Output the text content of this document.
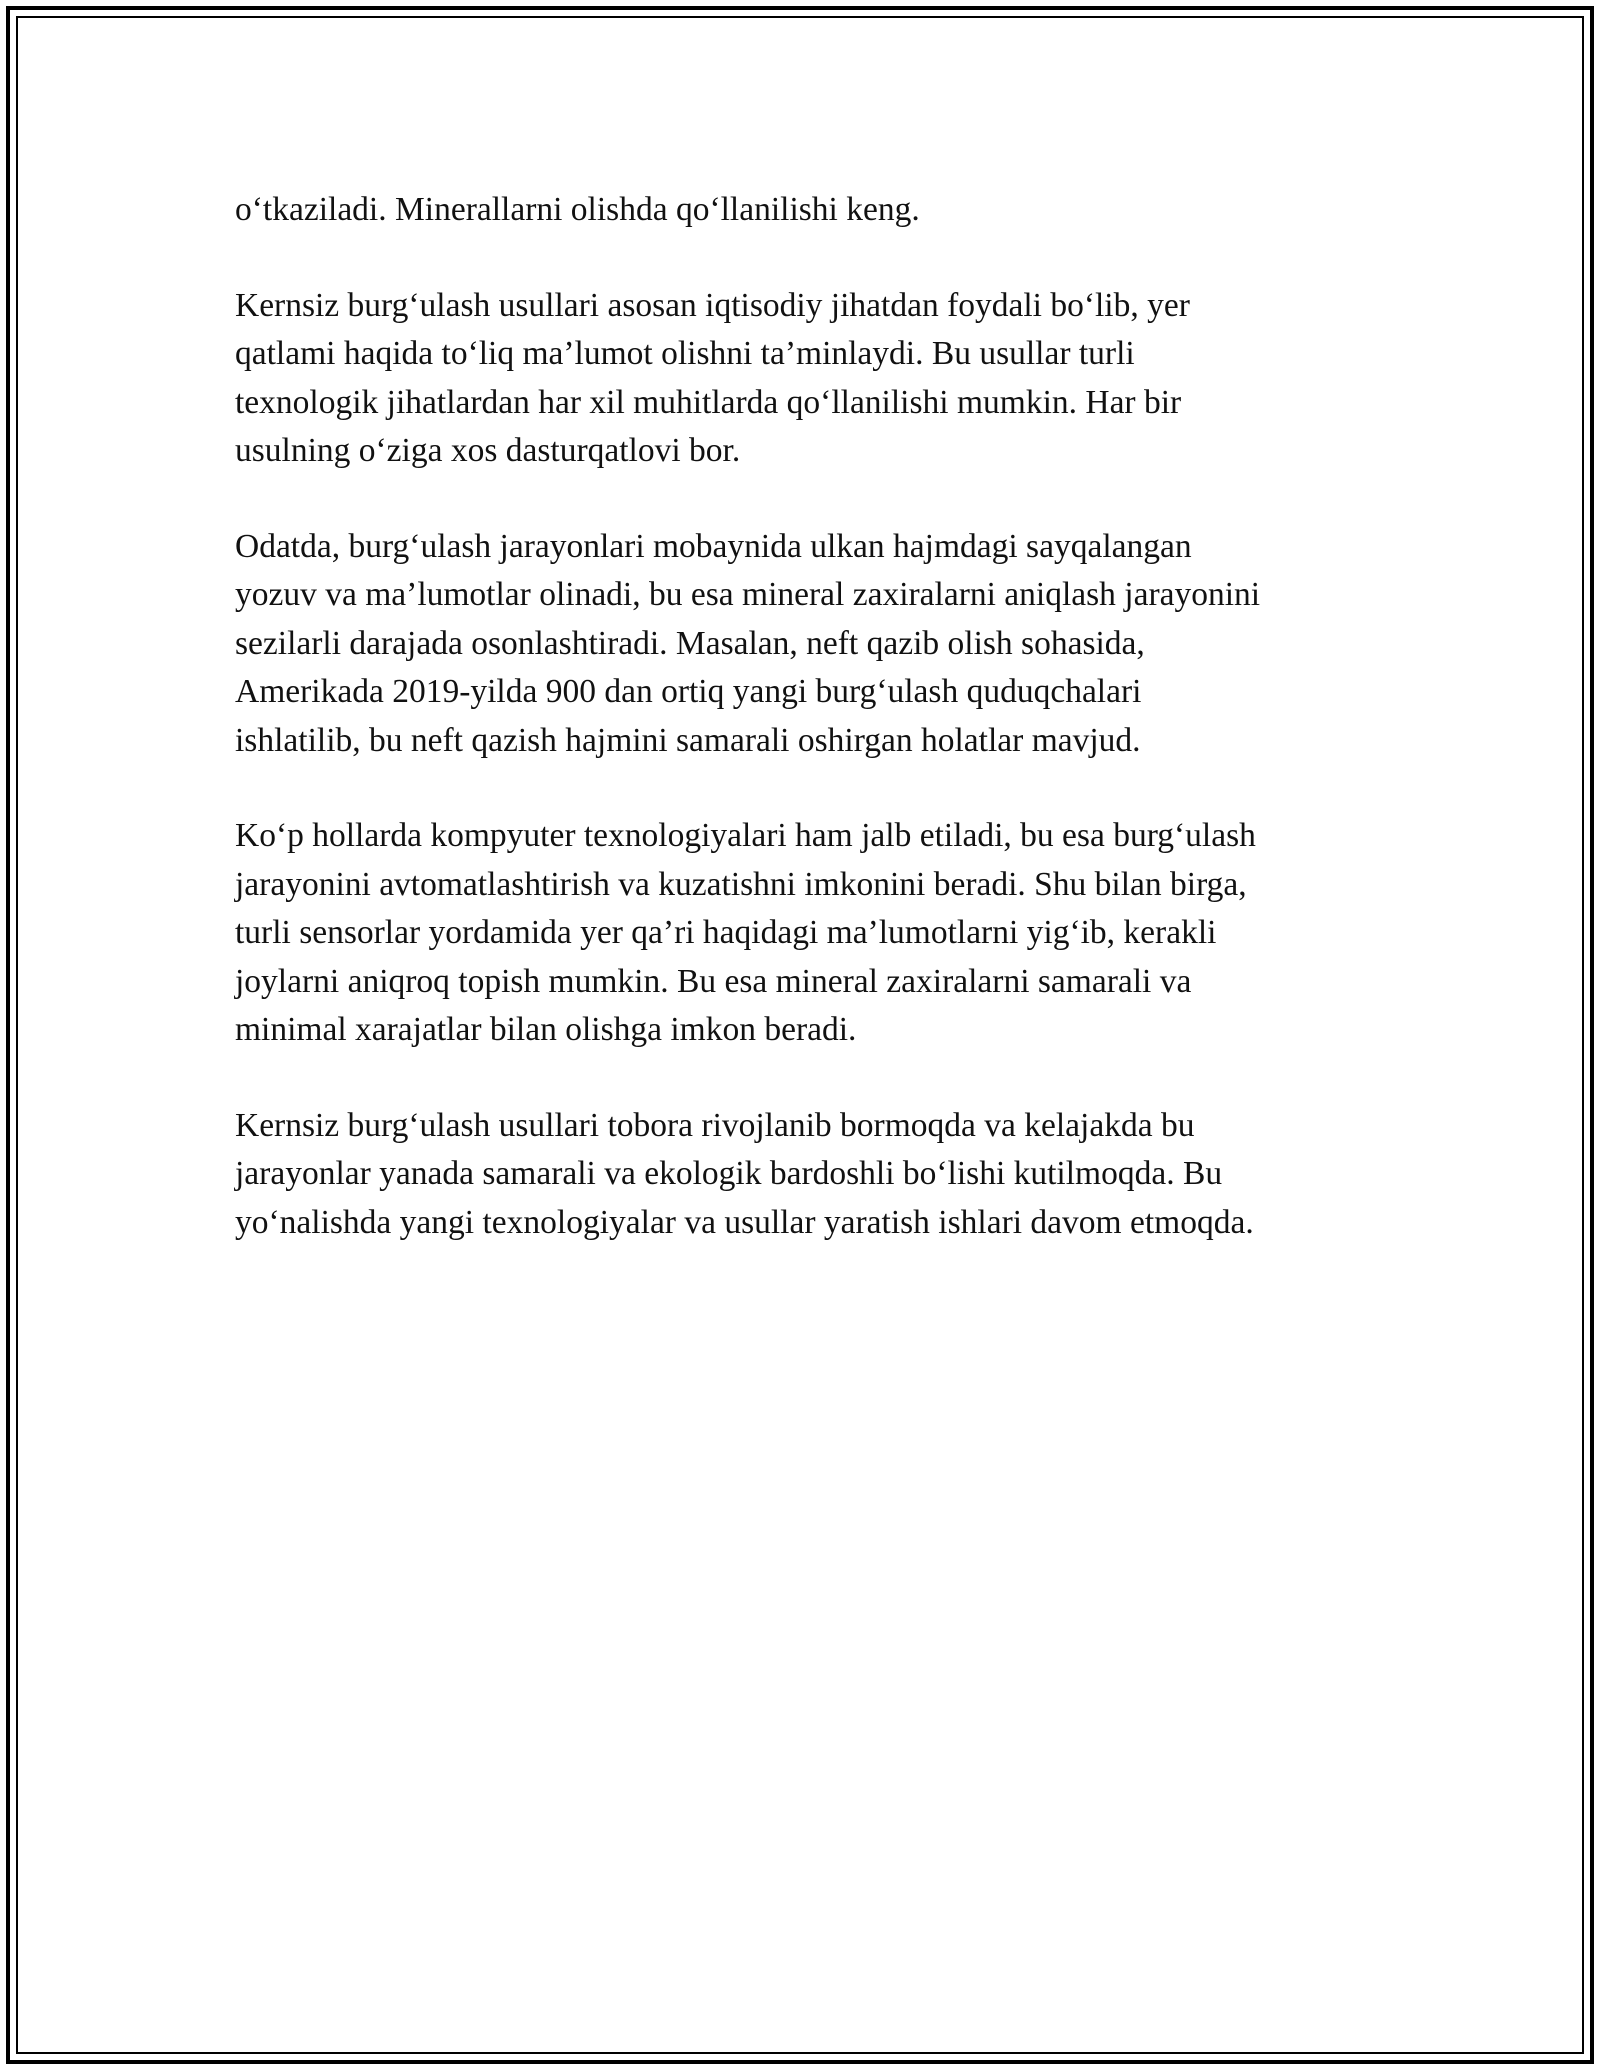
o‘tkaziladi. Minerallarni olishda qo‘llanilishi keng.

Kernsiz burg‘ulash usullari asosan iqtisodiy jihatdan foydali bo‘lib, yer
qatlami haqida to‘liq ma’lumot olishni ta’minlaydi. Bu usullar turli
texnologik jihatlardan har xil muhitlarda qo‘llanilishi mumkin. Har bir
usulning o‘ziga xos dasturqatlovi bor.

Odatda, burg‘ulash jarayonlari mobaynida ulkan hajmdagi sayqalangan
yozuv va ma’lumotlar olinadi, bu esa mineral zaxiralarni aniqlash jarayonini
sezilarli darajada osonlashtiradi. Masalan, neft qazib olish sohasida,
Amerikada 2019-yilda 900 dan ortiq yangi burg‘ulash quduqchalari
ishlatilib, bu neft qazish hajmini samarali oshirgan holatlar mavjud.

Ko‘p hollarda kompyuter texnologiyalari ham jalb etiladi, bu esa burg‘ulash
jarayonini avtomatlashtirish va kuzatishni imkonini beradi. Shu bilan birga,
turli sensorlar yordamida yer qa’ri haqidagi ma’lumotlarni yig‘ib, kerakli
joylarni aniqroq topish mumkin. Bu esa mineral zaxiralarni samarali va
minimal xarajatlar bilan olishga imkon beradi.

Kernsiz burg‘ulash usullari tobora rivojlanib bormoqda va kelajakda bu
jarayonlar yanada samarali va ekologik bardoshli bo‘lishi kutilmoqda. Bu
yo‘nalishda yangi texnologiyalar va usullar yaratish ishlari davom etmoqda.
